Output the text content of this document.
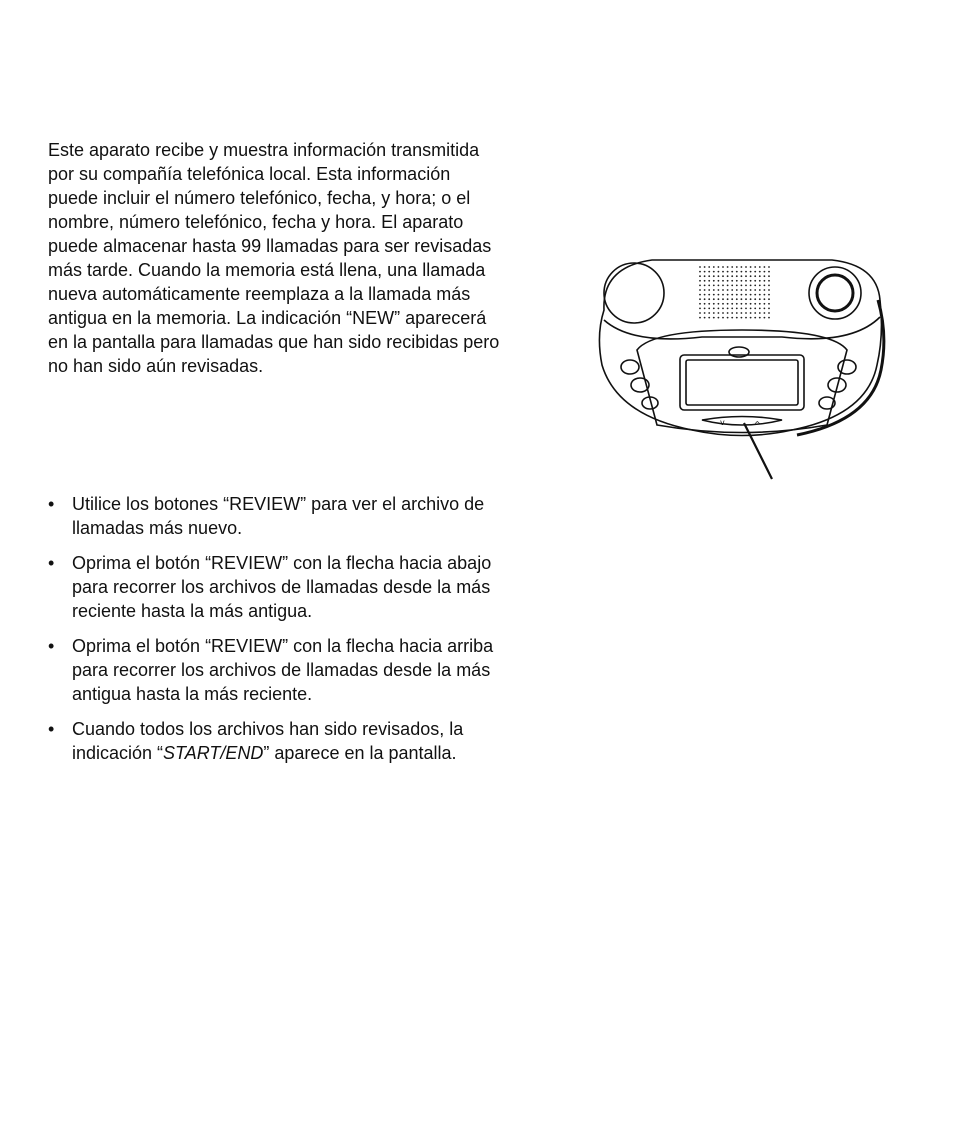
Este aparato recibe y muestra información transmitida
por su compañía telefónica local. Esta información
puede incluir el número telefónico, fecha, y hora; o el
nombre, número telefónico, fecha y hora. El aparato
puede almacenar hasta 99 llamadas para ser revisadas
más tarde. Cuando la memoria está llena, una llamada
nueva automáticamente reemplaza a la llamada más
antigua en la memoria. La indicación “NEW” aparecerá
en la pantalla para llamadas que han sido recibidas pero
no han sido aún revisadas.
v	^
• Utilice los botones “REVIEW” para ver el archivo de
llamadas más nuevo.
• Oprima el botón “REVIEW” con la flecha hacia abajo
para recorrer los archivos de llamadas desde la más
reciente hasta la más antigua.
• Oprima el botón “REVIEW” con la flecha hacia arriba
para recorrer los archivos de llamadas desde la más
antigua hasta la más reciente.
• Cuando todos los archivos han sido revisados, la
indicación “START/END” aparece en la pantalla.
